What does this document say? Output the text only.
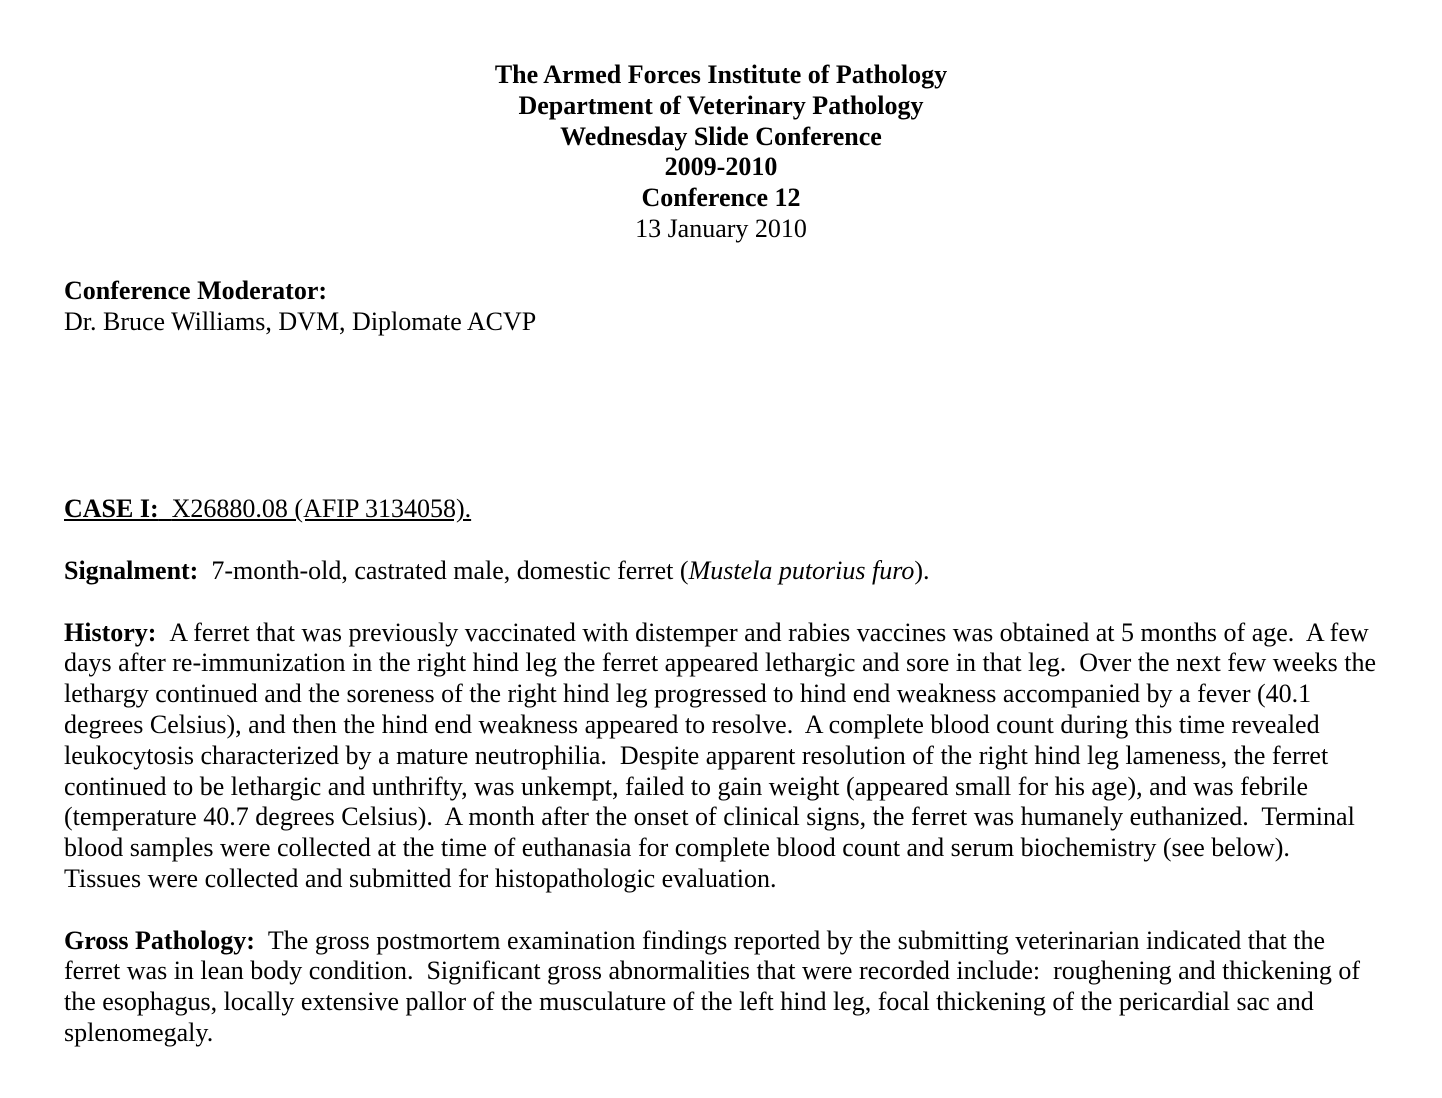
The Armed Forces Institute of Pathology
Department of Veterinary Pathology
Wednesday Slide Conference
2009-2010
Conference 12
13 January 2010
Conference Moderator:
Dr. Bruce Williams, DVM, Diplomate ACVP
CASE I: X26880.08 (AFIP 3134058).
Signalment: 7-month-old, castrated male, domestic ferret (Mustela putorius furo).
History: A ferret that was previously vaccinated with distemper and rabies vaccines was obtained at 5 months of age.  A few days after re-immunization in the right hind leg the ferret appeared lethargic and sore in that leg.  Over the next few weeks the lethargy continued and the soreness of the right hind leg progressed to hind end weakness accompanied by a fever (40.1 degrees Celsius), and then the hind end weakness appeared to resolve.  A complete blood count during this time revealed leukocytosis characterized by a mature neutrophilia.  Despite apparent resolution of the right hind leg lameness, the ferret continued to be lethargic and unthrifty, was unkempt, failed to gain weight (appeared small for his age), and was febrile (temperature 40.7 degrees Celsius).  A month after the onset of clinical signs, the ferret was humanely euthanized.  Terminal blood samples were collected at the time of euthanasia for complete blood count and serum biochemistry (see below).  Tissues were collected and submitted for histopathologic evaluation.
Gross Pathology: The gross postmortem examination findings reported by the submitting veterinarian indicated that the ferret was in lean body condition.  Significant gross abnormalities that were recorded include:  roughening and thickening of the esophagus, locally extensive pallor of the musculature of the left hind leg, focal thickening of the pericardial sac and splenomegaly.
